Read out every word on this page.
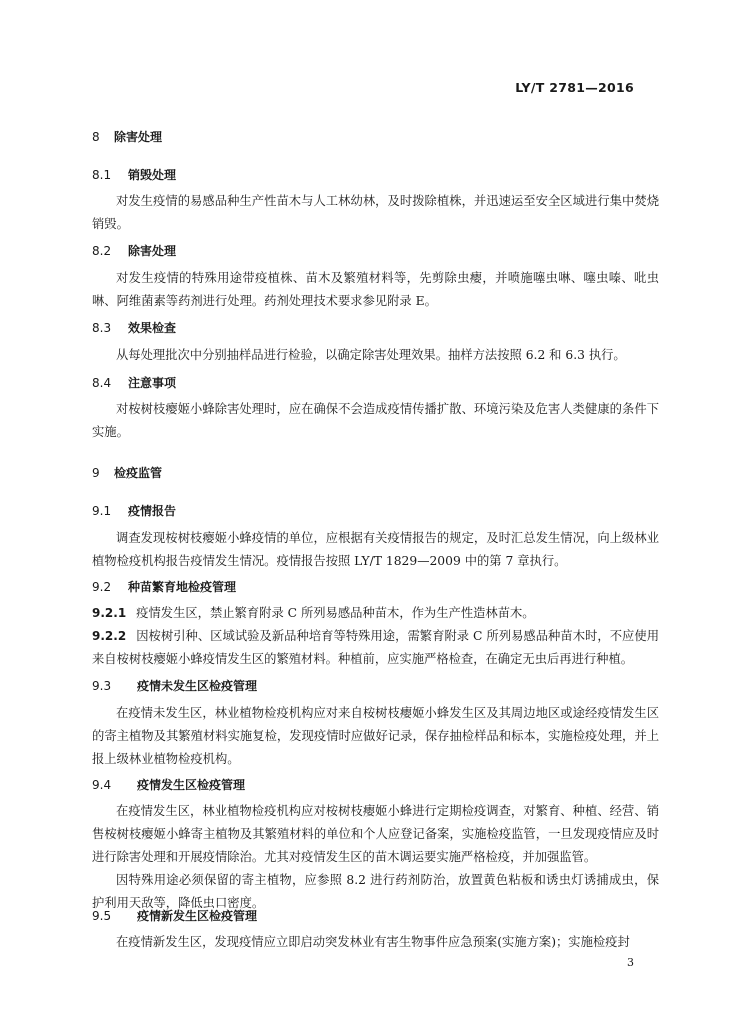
LY/T 2781—2016
8 除害处理
8.1 销毁处理

对发生疫情的易感品种生产性苗木与人工林幼林，及时拨除植株，并迅速运至安全区域进行集中焚烧销毁。

8.2 除害处理

对发生疫情的特殊用途带疫植株、苗木及繁殖材料等，先剪除虫瘿，并喷施噻虫啉、噻虫嗪、吡虫啉、阿维菌素等药剂进行处理。药剂处理技术要求参见附录 E。

8.3 效果检查

从每处理批次中分别抽样品进行检验，以确定除害处理效果。抽样方法按照 6.2 和 6.3 执行。

8.4 注意事项

对桉树枝瘿姬小蜂除害处理时，应在确保不会造成疫情传播扩散、环境污染及危害人类健康的条件下实施。

9 检疫监管
9.1 疫情报告

调查发现桉树枝瘿姬小蜂疫情的单位，应根据有关疫情报告的规定，及时汇总发生情况，向上级林业植物检疫机构报告疫情发生情况。疫情报告按照 LY/T 1829—2009 中的第 7 章执行。

9.2 种苗繁育地检疫管理

9.2.1 疫情发生区，禁止繁育附录 C 所列易感品种苗木，作为生产性造林苗木。

9.2.2 因桉树引种、区域试验及新品种培育等特殊用途，需繁育附录 C 所列易感品种苗木时，不应使用来自桉树枝瘿姬小蜂疫情发生区的繁殖材料。种植前，应实施严格检查，在确定无虫后再进行种植。

9.3 疫情未发生区检疫管理

在疫情未发生区，林业植物检疫机构应对来自桉树枝瘿姬小蜂发生区及其周边地区或途经疫情发生区的寄主植物及其繁殖材料实施复检，发现疫情时应做好记录，保存抽检样品和标本，实施检疫处理，并上报上级林业植物检疫机构。

9.4 疫情发生区检疫管理

在疫情发生区，林业植物检疫机构应对桉树枝瘿姬小蜂进行定期检疫调查，对繁育、种植、经营、销售桉树枝瘿姬小蜂寄主植物及其繁殖材料的单位和个人应登记备案，实施检疫监管，一旦发现疫情应及时进行除害处理和开展疫情除治。尤其对疫情发生区的苗木调运要实施严格检疫，并加强监管。

因特殊用途必须保留的寄主植物，应参照 8.2 进行药剂防治，放置黄色粘板和诱虫灯诱捕成虫，保护利用天敌等，降低虫口密度。

9.5 疫情新发生区检疫管理

在疫情新发生区，发现疫情应立即启动突发林业有害生物事件应急预案(实施方案)；实施检疫封

3
